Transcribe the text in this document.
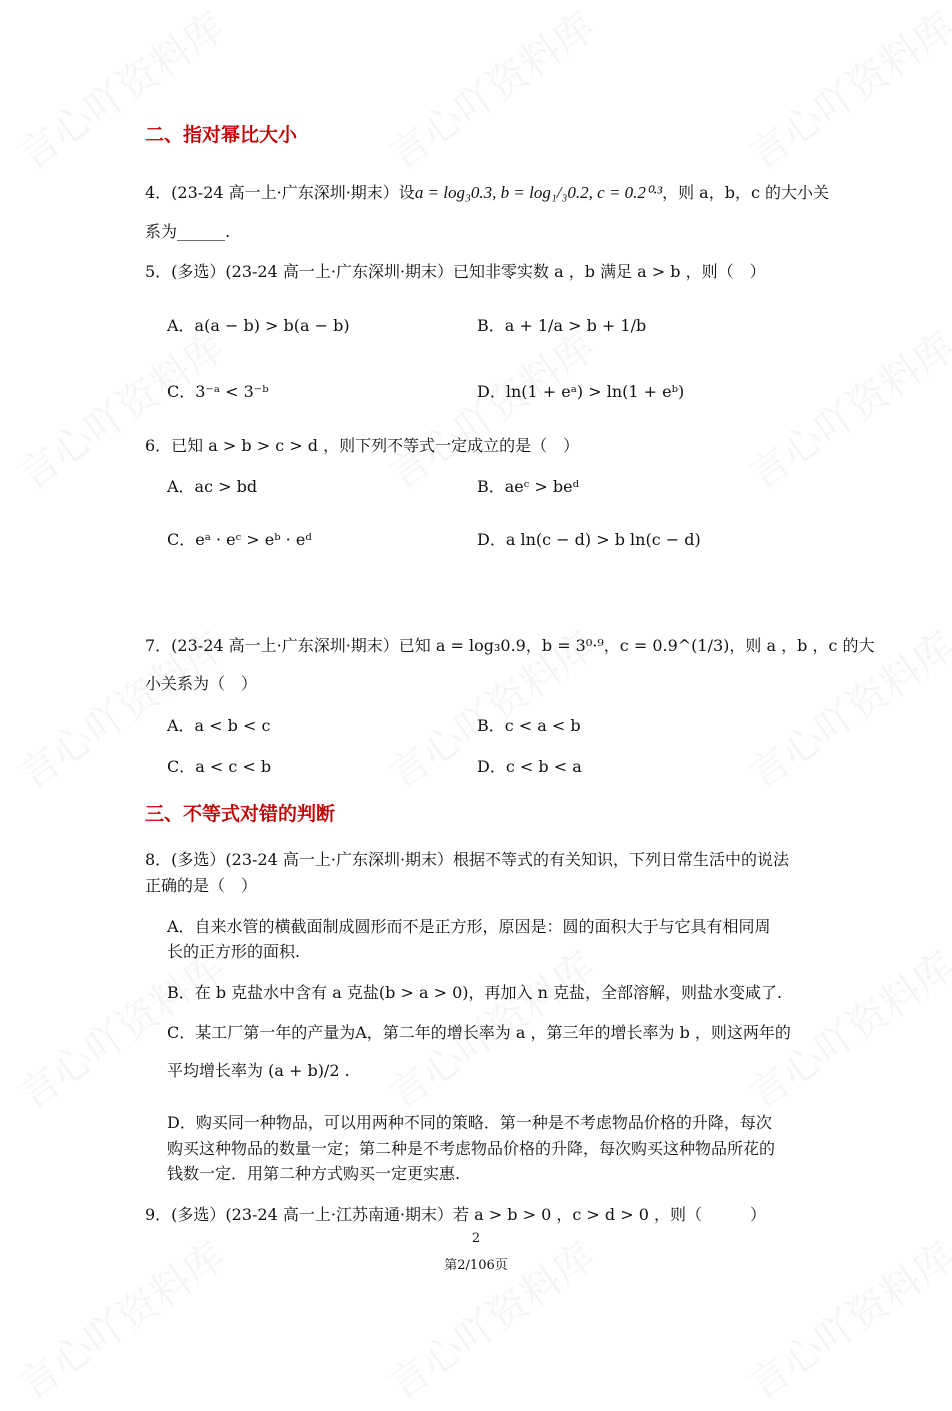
二、指对幂比大小
4．(23-24 高一上·广东深圳·期末）设a = log₃0.3, b = log₁/₃0.2, c = 0.2⁰·³，则 a，b，c 的大小关
系为______.
5．(多选）(23-24 高一上·广东深圳·期末）已知非零实数 a ，b 满足 a > b ，则（　）
A．a(a − b) > b(a − b)	B．a + 1/a > b + 1/b
C．3⁻ᵃ < 3⁻ᵇ	D．ln(1 + eᵃ) > ln(1 + eᵇ)
6．已知 a > b > c > d ，则下列不等式一定成立的是（　）
A．ac > bd	B．aeᶜ > beᵈ
C．eᵃ · eᶜ > eᵇ · eᵈ	D．a ln(c − d) > b ln(c − d)
7．(23-24 高一上·广东深圳·期末）已知 a = log₃0.9，b = 3⁰·⁹，c = 0.9^(1/3)，则 a ，b ，c 的大
小关系为（　）
A．a < b < c	B．c < a < b
C．a < c < b	D．c < b < a
三、不等式对错的判断
8．(多选）(23-24 高一上·广东深圳·期末）根据不等式的有关知识，下列日常生活中的说法
正确的是（　）
A．自来水管的横截面制成圆形而不是正方形，原因是：圆的面积大于与它具有相同周
长的正方形的面积.
B．在 b 克盐水中含有 a 克盐(b > a > 0)，再加入 n 克盐，全部溶解，则盐水变咸了.
C．某工厂第一年的产量为A，第二年的增长率为 a ，第三年的增长率为 b ，则这两年的
平均增长率为 (a + b)/2 .
D．购买同一种物品，可以用两种不同的策略．第一种是不考虑物品价格的升降，每次
购买这种物品的数量一定；第二种是不考虑物品价格的升降，每次购买这种物品所花的
钱数一定．用第二种方式购买一定更实惠.
9．(多选）(23-24 高一上·江苏南通·期末）若 a > b > 0 ，c > d > 0 ，则（　　　）
2
第2/106页
